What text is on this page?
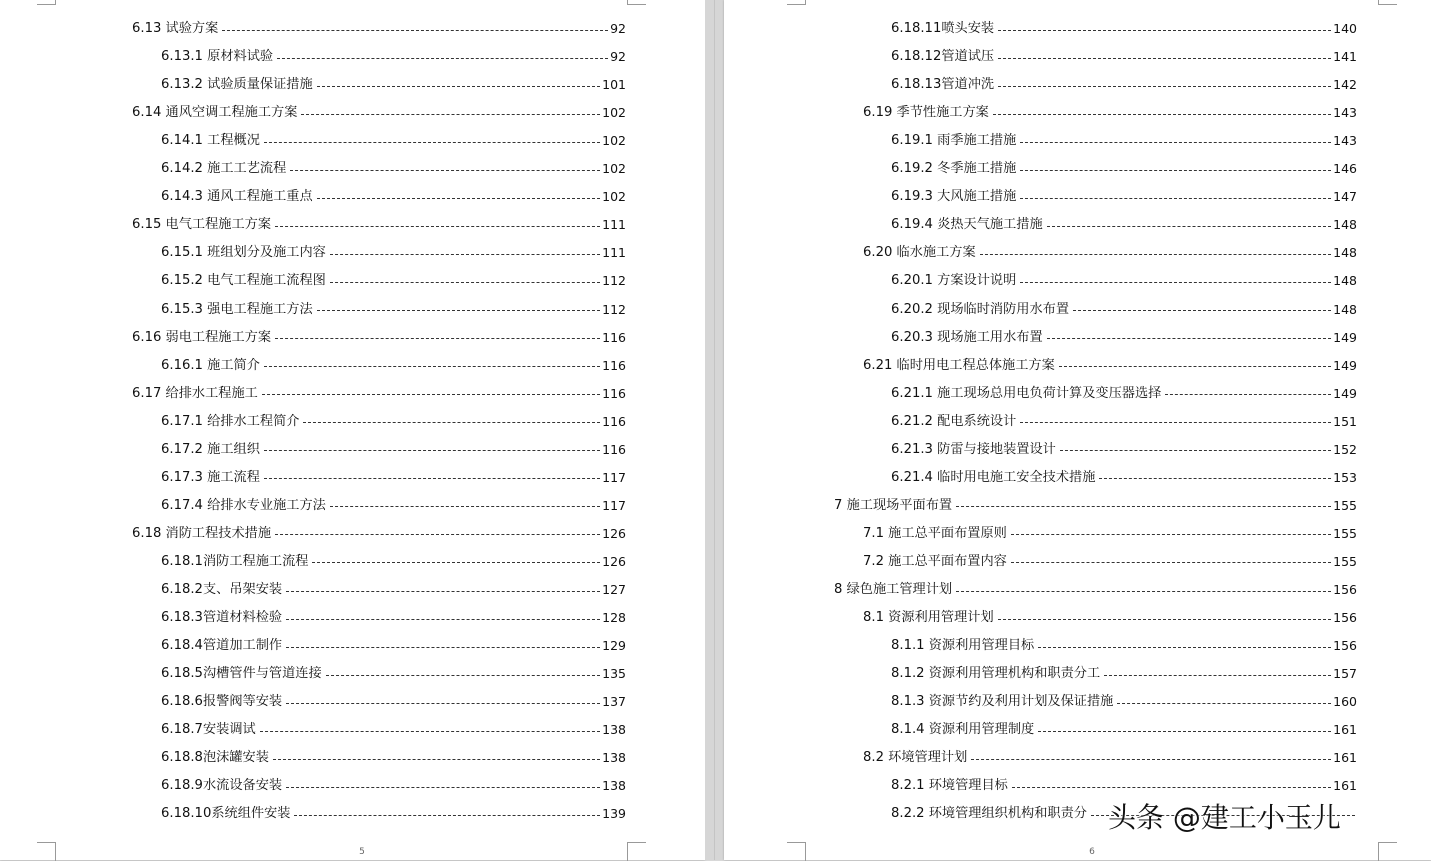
6.13 试验方案	92
6.13.1 原材料试验	92
6.13.2 试验质量保证措施	101
6.14 通风空调工程施工方案	102
6.14.1 工程概况	102
6.14.2 施工工艺流程	102
6.14.3 通风工程施工重点	102
6.15 电气工程施工方案	111
6.15.1 班组划分及施工内容	111
6.15.2 电气工程施工流程图	112
6.15.3 强电工程施工方法	112
6.16 弱电工程施工方案	116
6.16.1 施工简介	116
6.17 给排水工程施工	116
6.17.1 给排水工程简介	116
6.17.2 施工组织	116
6.17.3 施工流程	117
6.17.4 给排水专业施工方法	117
6.18 消防工程技术措施	126
6.18.1消防工程施工流程	126
6.18.2支、吊架安装	127
6.18.3管道材料检验	128
6.18.4管道加工制作	129
6.18.5沟槽管件与管道连接	135
6.18.6报警阀等安装	137
6.18.7安装调试	138
6.18.8泡沫罐安装	138
6.18.9水流设备安装	138
6.18.10系统组件安装	139
5
6.18.11喷头安装	140
6.18.12管道试压	141
6.18.13管道冲洗	142
6.19 季节性施工方案	143
6.19.1 雨季施工措施	143
6.19.2 冬季施工措施	146
6.19.3 大风施工措施	147
6.19.4 炎热天气施工措施	148
6.20 临水施工方案	148
6.20.1 方案设计说明	148
6.20.2 现场临时消防用水布置	148
6.20.3 现场施工用水布置	149
6.21 临时用电工程总体施工方案	149
6.21.1 施工现场总用电负荷计算及变压器选择	149
6.21.2 配电系统设计	151
6.21.3 防雷与接地装置设计	152
6.21.4 临时用电施工安全技术措施	153
7 施工现场平面布置	155
7.1 施工总平面布置原则	155
7.2 施工总平面布置内容	155
8 绿色施工管理计划	156
8.1 资源利用管理计划	156
8.1.1 资源利用管理目标	156
8.1.2 资源利用管理机构和职责分工	157
8.1.3 资源节约及利用计划及保证措施	160
8.1.4 资源利用管理制度	161
8.2 环境管理计划	161
8.2.1 环境管理目标	161
8.2.2 环境管理组织机构和职责分
6
头条 @建工小玉儿
